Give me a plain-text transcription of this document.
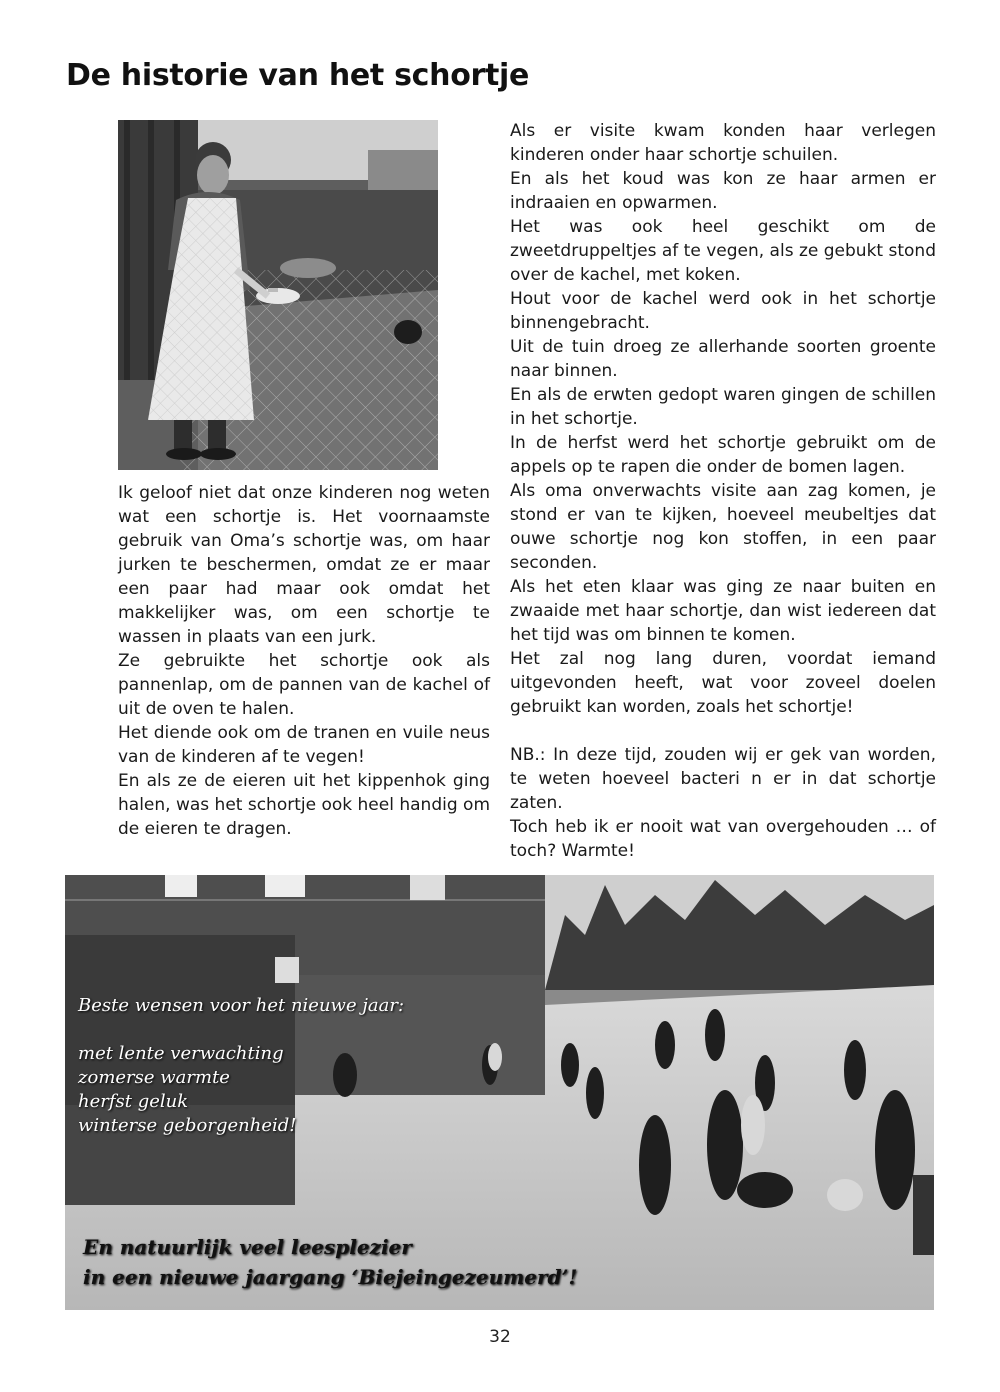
De historie van het schortje

Ik geloof niet dat onze kinderen nog weten wat een schortje is. Het voornaamste gebruik van Oma’s schortje was, om haar jurken te beschermen, omdat ze er maar een paar had maar ook omdat het makkelijker was, om een schortje te wassen in plaats van een jurk.

Ze gebruikte het schortje ook als pannenlap, om de pannen van de kachel of uit de oven te halen.

Het diende ook om de tranen en vuile neus van de kinderen af te vegen!

En als ze de eieren uit het kippenhok ging halen, was het schortje ook heel handig om de eieren te dragen.

Als er visite kwam konden haar verlegen kinderen onder haar schortje schuilen.

En als het koud was kon ze haar armen er indraaien en opwarmen.

Het was ook heel geschikt om de zweetdruppeltjes af te vegen, als ze gebukt stond over de kachel, met koken.

Hout voor de kachel werd ook in het schortje binnengebracht.

Uit de tuin droeg ze allerhande soorten groente naar binnen.

En als de erwten gedopt waren gingen de schillen in het schortje.

In de herfst werd het schortje gebruikt om de appels op te rapen die onder de bomen lagen.

Als oma onverwachts visite aan zag komen, je stond er van te kijken, hoeveel meubeltjes dat ouwe schortje nog kon stoffen, in een paar seconden.

Als het eten klaar was ging ze naar buiten en zwaaide met haar schortje, dan wist iedereen dat het tijd was om binnen te komen.

Het zal nog lang duren, voordat iemand uitgevonden heeft, wat voor zoveel doelen gebruikt kan worden, zoals het schortje!

NB.: In deze tijd, zouden wij er gek van worden, te weten hoeveel bacteri n er in dat schortje zaten.

Toch heb ik er nooit wat van overgehouden … of toch? Warmte!

Beste wensen voor het nieuwe jaar:
met lente verwachting
zomerse warmte
herfst geluk
winterse geborgenheid!
En natuurlijk veel leesplezier
in een nieuwe jaargang ‘Biejeingezeumerd’!
32
